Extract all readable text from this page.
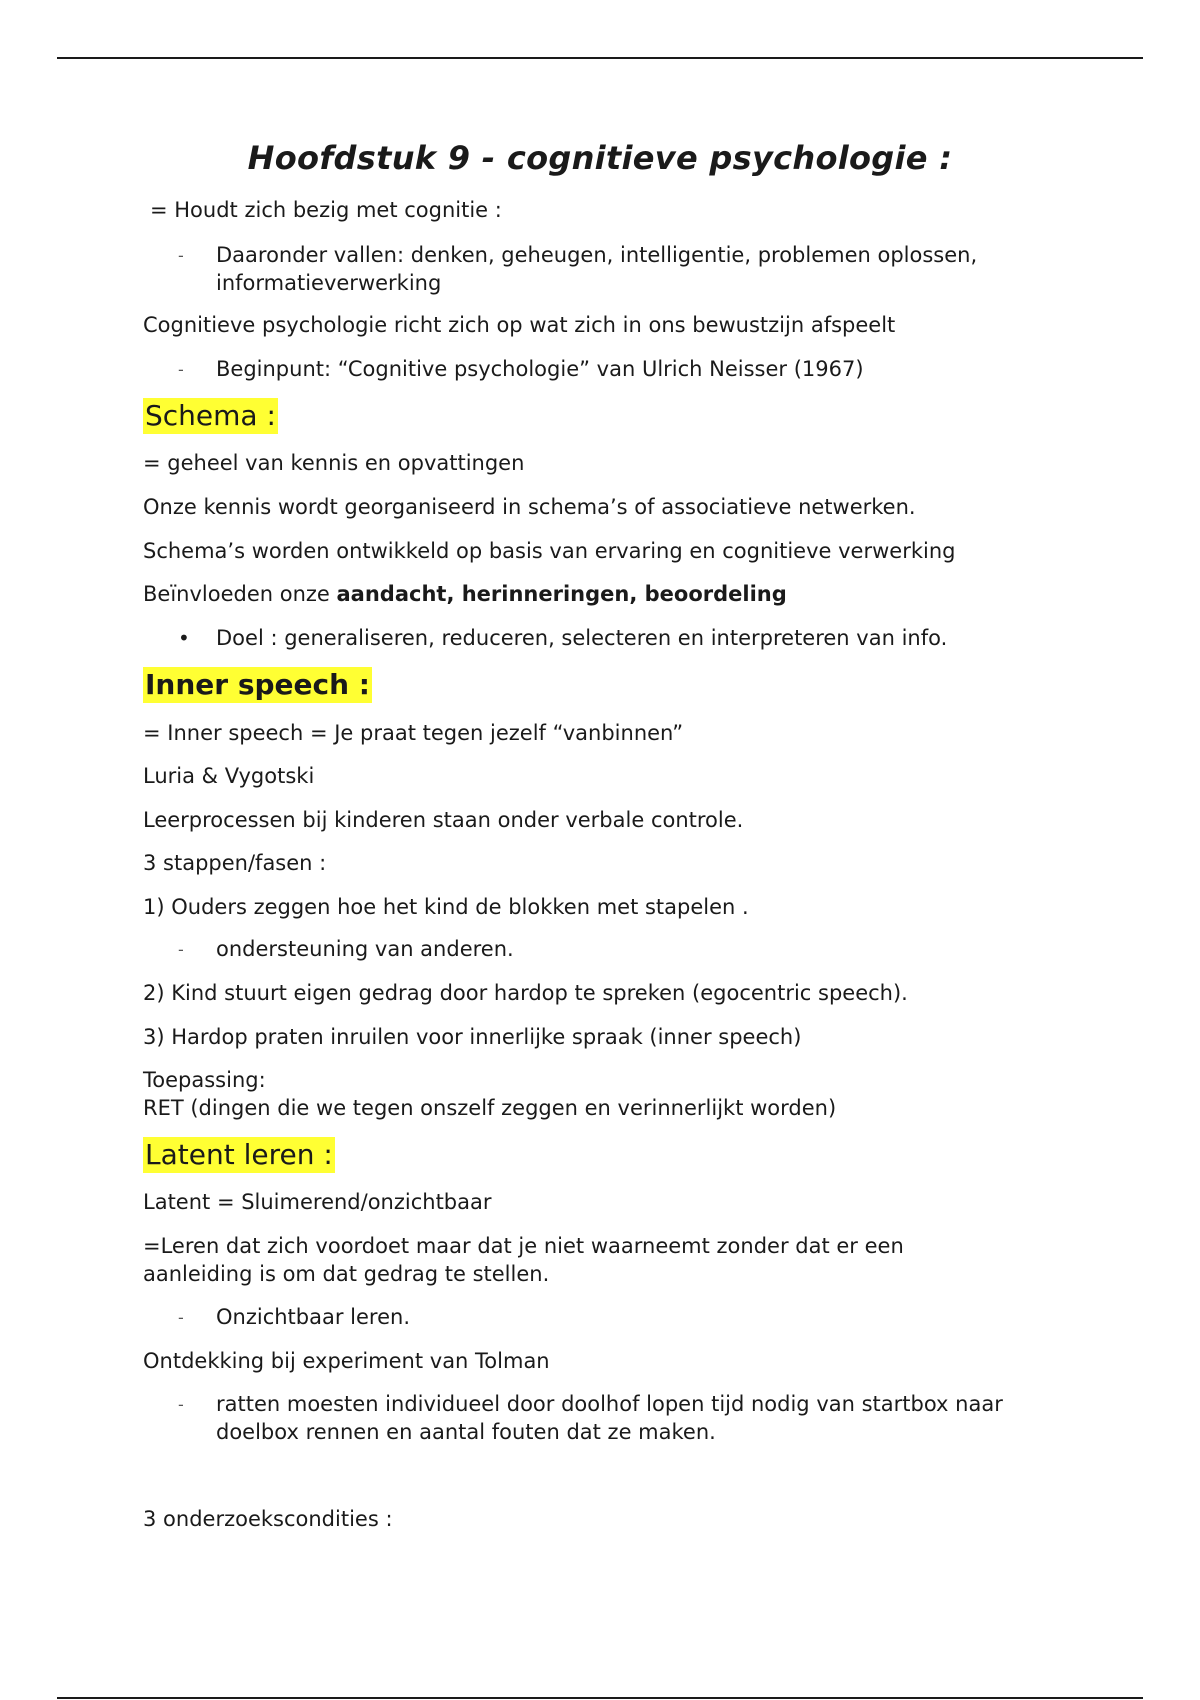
Hoofdstuk 9 - cognitieve psychologie :
= Houdt zich bezig met cognitie :
- Daaronder vallen: denken, geheugen, intelligentie, problemen oplossen,
informatieverwerking
Cognitieve psychologie richt zich op wat zich in ons bewustzijn afspeelt
- Beginpunt: “Cognitive psychologie” van Ulrich Neisser (1967)
Schema :
= geheel van kennis en opvattingen
Onze kennis wordt georganiseerd in schema’s of associatieve netwerken.
Schema’s worden ontwikkeld op basis van ervaring en cognitieve verwerking
Beïnvloeden onze aandacht, herinneringen, beoordeling
• Doel : generaliseren, reduceren, selecteren en interpreteren van info.
Inner speech :
= Inner speech = Je praat tegen jezelf “vanbinnen”
Luria & Vygotski
Leerprocessen bij kinderen staan onder verbale controle.
3 stappen/fasen :
1) Ouders zeggen hoe het kind de blokken met stapelen .
- ondersteuning van anderen.
2) Kind stuurt eigen gedrag door hardop te spreken (egocentric speech).
3) Hardop praten inruilen voor innerlijke spraak (inner speech)
Toepassing:
RET (dingen die we tegen onszelf zeggen en verinnerlijkt worden)
Latent leren :
Latent = Sluimerend/onzichtbaar
=Leren dat zich voordoet maar dat je niet waarneemt zonder dat er een
aanleiding is om dat gedrag te stellen.
- Onzichtbaar leren.
Ontdekking bij experiment van Tolman
- ratten moesten individueel door doolhof lopen tijd nodig van startbox naar
doelbox rennen en aantal fouten dat ze maken.
3 onderzoekscondities :
